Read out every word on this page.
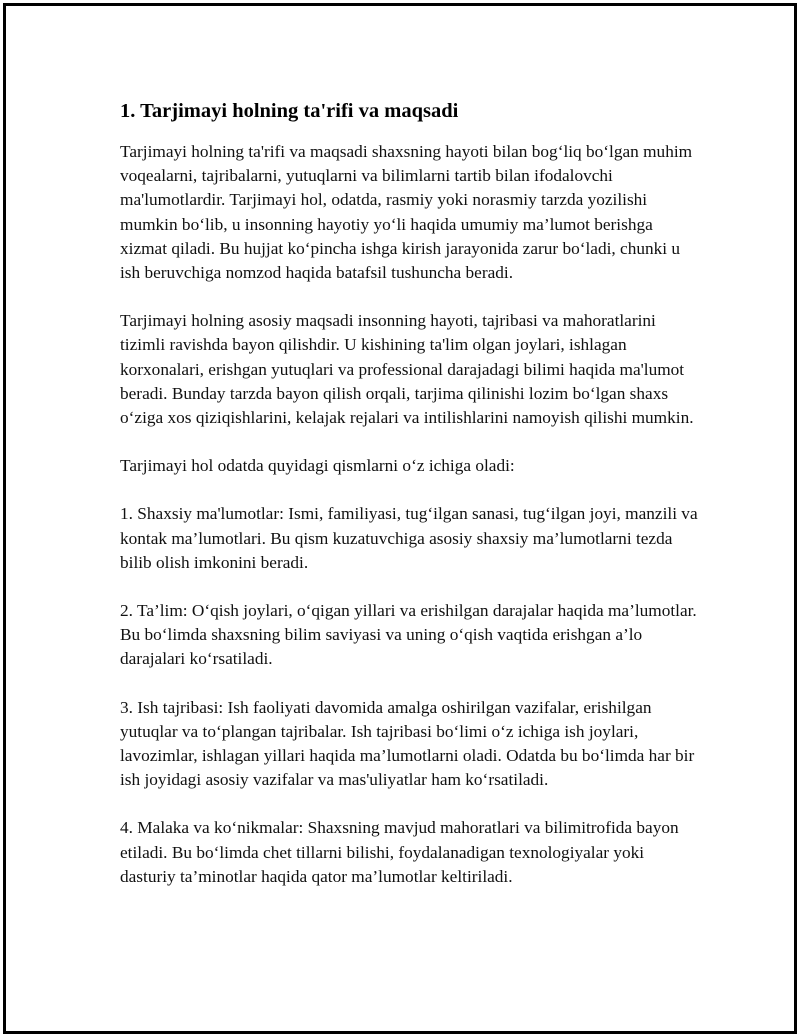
1. Tarjimayi holning ta'rifi va maqsadi

Tarjimayi holning ta'rifi va maqsadi shaxsning hayoti bilan bog‘liq bo‘lgan muhim voqealarni, tajribalarni, yutuqlarni va bilimlarni tartib bilan ifodalovchi ma'lumotlardir. Tarjimayi hol, odatda, rasmiy yoki norasmiy tarzda yozilishi mumkin bo‘lib, u insonning hayotiy yo‘li haqida umumiy ma’lumot berishga xizmat qiladi. Bu hujjat ko‘pincha ishga kirish jarayonida zarur bo‘ladi, chunki u ish beruvchiga nomzod haqida batafsil tushuncha beradi.

Tarjimayi holning asosiy maqsadi insonning hayoti, tajribasi va mahoratlarini tizimli ravishda bayon qilishdir. U kishining ta'lim olgan joylari, ishlagan korxonalari, erishgan yutuqlari va professional darajadagi bilimi haqida ma'lumot beradi. Bunday tarzda bayon qilish orqali, tarjima qilinishi lozim bo‘lgan shaxs o‘ziga xos qiziqishlarini, kelajak rejalari va intilishlarini namoyish qilishi mumkin.

Tarjimayi hol odatda quyidagi qismlarni o‘z ichiga oladi:

1. Shaxsiy ma'lumotlar: Ismi, familiyasi, tug‘ilgan sanasi, tug‘ilgan joyi, manzili va kontak ma’lumotlari. Bu qism kuzatuvchiga asosiy shaxsiy ma’lumotlarni tezda bilib olish imkonini beradi.

2. Ta’lim: O‘qish joylari, o‘qigan yillari va erishilgan darajalar haqida ma’lumotlar. Bu bo‘limda shaxsning bilim saviyasi va uning o‘qish vaqtida erishgan a’lo darajalari ko‘rsatiladi.

3. Ish tajribasi: Ish faoliyati davomida amalga oshirilgan vazifalar, erishilgan yutuqlar va to‘plangan tajribalar. Ish tajribasi bo‘limi o‘z ichiga ish joylari, lavozimlar, ishlagan yillari haqida ma’lumotlarni oladi. Odatda bu bo‘limda har bir ish joyidagi asosiy vazifalar va mas'uliyatlar ham ko‘rsatiladi.

4. Malaka va ko‘nikmalar: Shaxsning mavjud mahoratlari va bilimitrofida bayon etiladi. Bu bo‘limda chet tillarni bilishi, foydalanadigan texnologiyalar yoki dasturiy ta’minotlar haqida qator ma’lumotlar keltiriladi.
